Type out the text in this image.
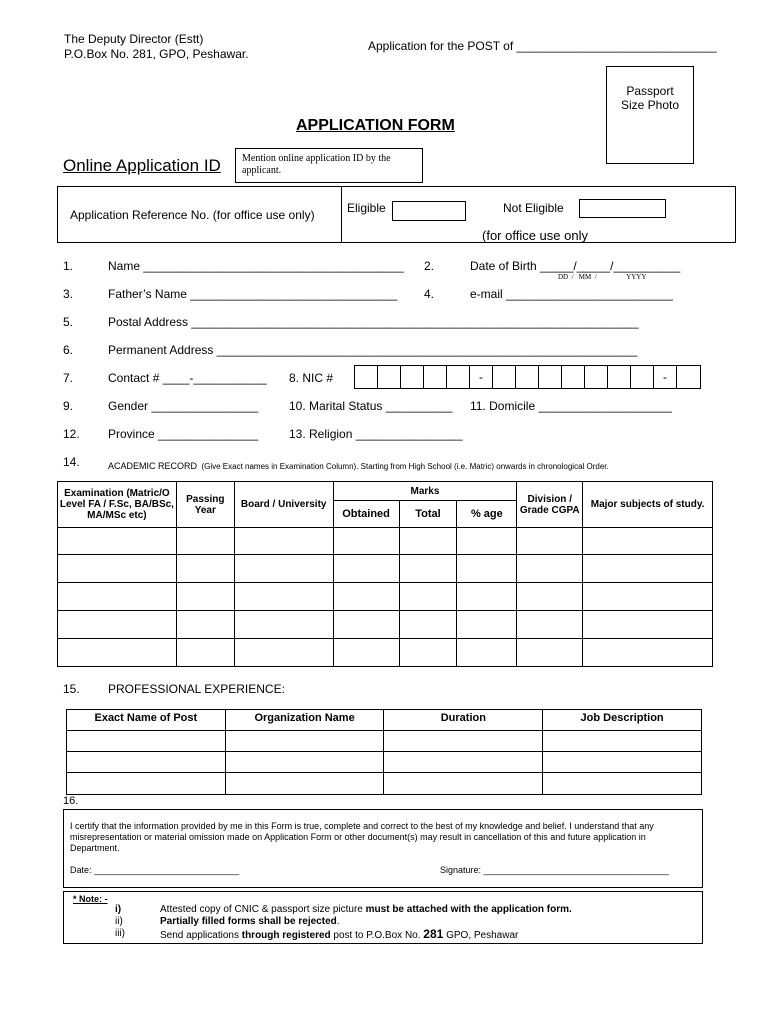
The Deputy Director (Estt)
P.O.Box No. 281, GPO, Peshawar.
Application for the POST of ______________________________
Passport
Size Photo
APPLICATION FORM
Online Application ID	Mention online application ID by the applicant.
Application Reference No. (for office use only)	Eligible	Not Eligible
(for office use only
1.	Name _______________________________________ 2.	Date of Birth _____/_____/__________
DD  /   MM  /                 YYYY
3.	Father’s Name _______________________________ 4.	e-mail _________________________
5.	Postal Address ___________________________________________________________________
6.	Permanent Address _______________________________________________________________
7.	Contact # ____-___________ 8. NIC #	-	-
9.	Gender ________________	10. Marital Status __________ 11. Domicile ____________________
12. Province _______________	13. Religion ________________
14.	ACADEMIC RECORD (Give Exact names in Examination Column). Starting from High School (i.e. Matric) onwards in chronological Order.
Examination (Matric/O Level FA / F.Sc, BA/BSc, MA/MSc etc)	Passing Year	Board / University	Marks			Division / Grade CGPA	Major subjects of study.
			Obtained	Total	% age		

15. PROFESSIONAL EXPERIENCE:
Exact Name of Post	Organization Name	Duration	Job Description

16.
I certify that the information provided by me in this Form is true, complete and correct to the best of my knowledge and belief. I understand that any misrepresentation or material omission made on Application Form or other document(s) may result in cancellation of this and future application in Department.
Date: _____________________________	Signature: _____________________________________
* Note: -
i)	Attested copy of CNIC & passport size picture must be attached with the application form.
ii)	Partially filled forms shall be rejected.
iii)	Send applications through registered post to P.O.Box No. 281 GPO, Peshawar
